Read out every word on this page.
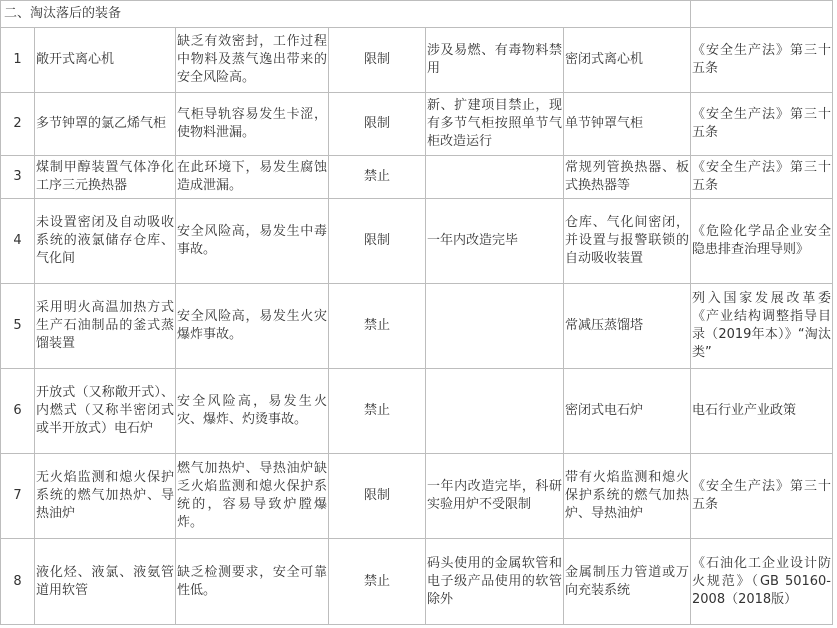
二、淘汰落后的装备						
1	敞开式离心机	缺乏有效密封，工作过程中物料及蒸气逸出带来的安全风险高。	限制	涉及易燃、有毒物料禁用	密闭式离心机	《安全生产法》第三十五条

2	多节钟罩的氯乙烯气柜	气柜导轨容易发生卡涩，使物料泄漏。	限制	新、扩建项目禁止，现有多节气柜按照单节气柜改造运行	单节钟罩气柜	《安全生产法》第三十五条

3	煤制甲醇装置气体净化工序三元换热器	在此环境下，易发生腐蚀造成泄漏。	禁止		常规列管换热器、板式换热器等	《安全生产法》第三十五条

4	未设置密闭及自动吸收系统的液氯储存仓库、气化间	安全风险高，易发生中毒事故。	限制	一年内改造完毕	仓库、气化间密闭，并设置与报警联锁的自动吸收装置	《危险化学品企业安全隐患排查治理导则》

5	采用明火高温加热方式生产石油制品的釜式蒸馏装置	安全风险高，易发生火灾爆炸事故。	禁止		常减压蒸馏塔	列入国家发展改革委《产业结构调整指导目录（2019年本）》“淘汰类”

6	开放式（又称敞开式）、内燃式（又称半密闭式或半开放式）电石炉	安全风险高，易发生火灾、爆炸、灼烫事故。	禁止		密闭式电石炉	电石行业产业政策

7	无火焰监测和熄火保护系统的燃气加热炉、导热油炉	燃气加热炉、导热油炉缺乏火焰监测和熄火保护系统的，容易导致炉膛爆炸。	限制	一年内改造完毕，科研实验用炉不受限制	带有火焰监测和熄火保护系统的燃气加热炉、导热油炉	《安全生产法》第三十五条

8	液化烃、液氯、液氨管道用软管	缺乏检测要求，安全可靠性低。	禁止	码头使用的金属软管和电子级产品使用的软管除外	金属制压力管道或万向充装系统	《石油化工企业设计防火规范》（GB 50160-2008（2018版）
